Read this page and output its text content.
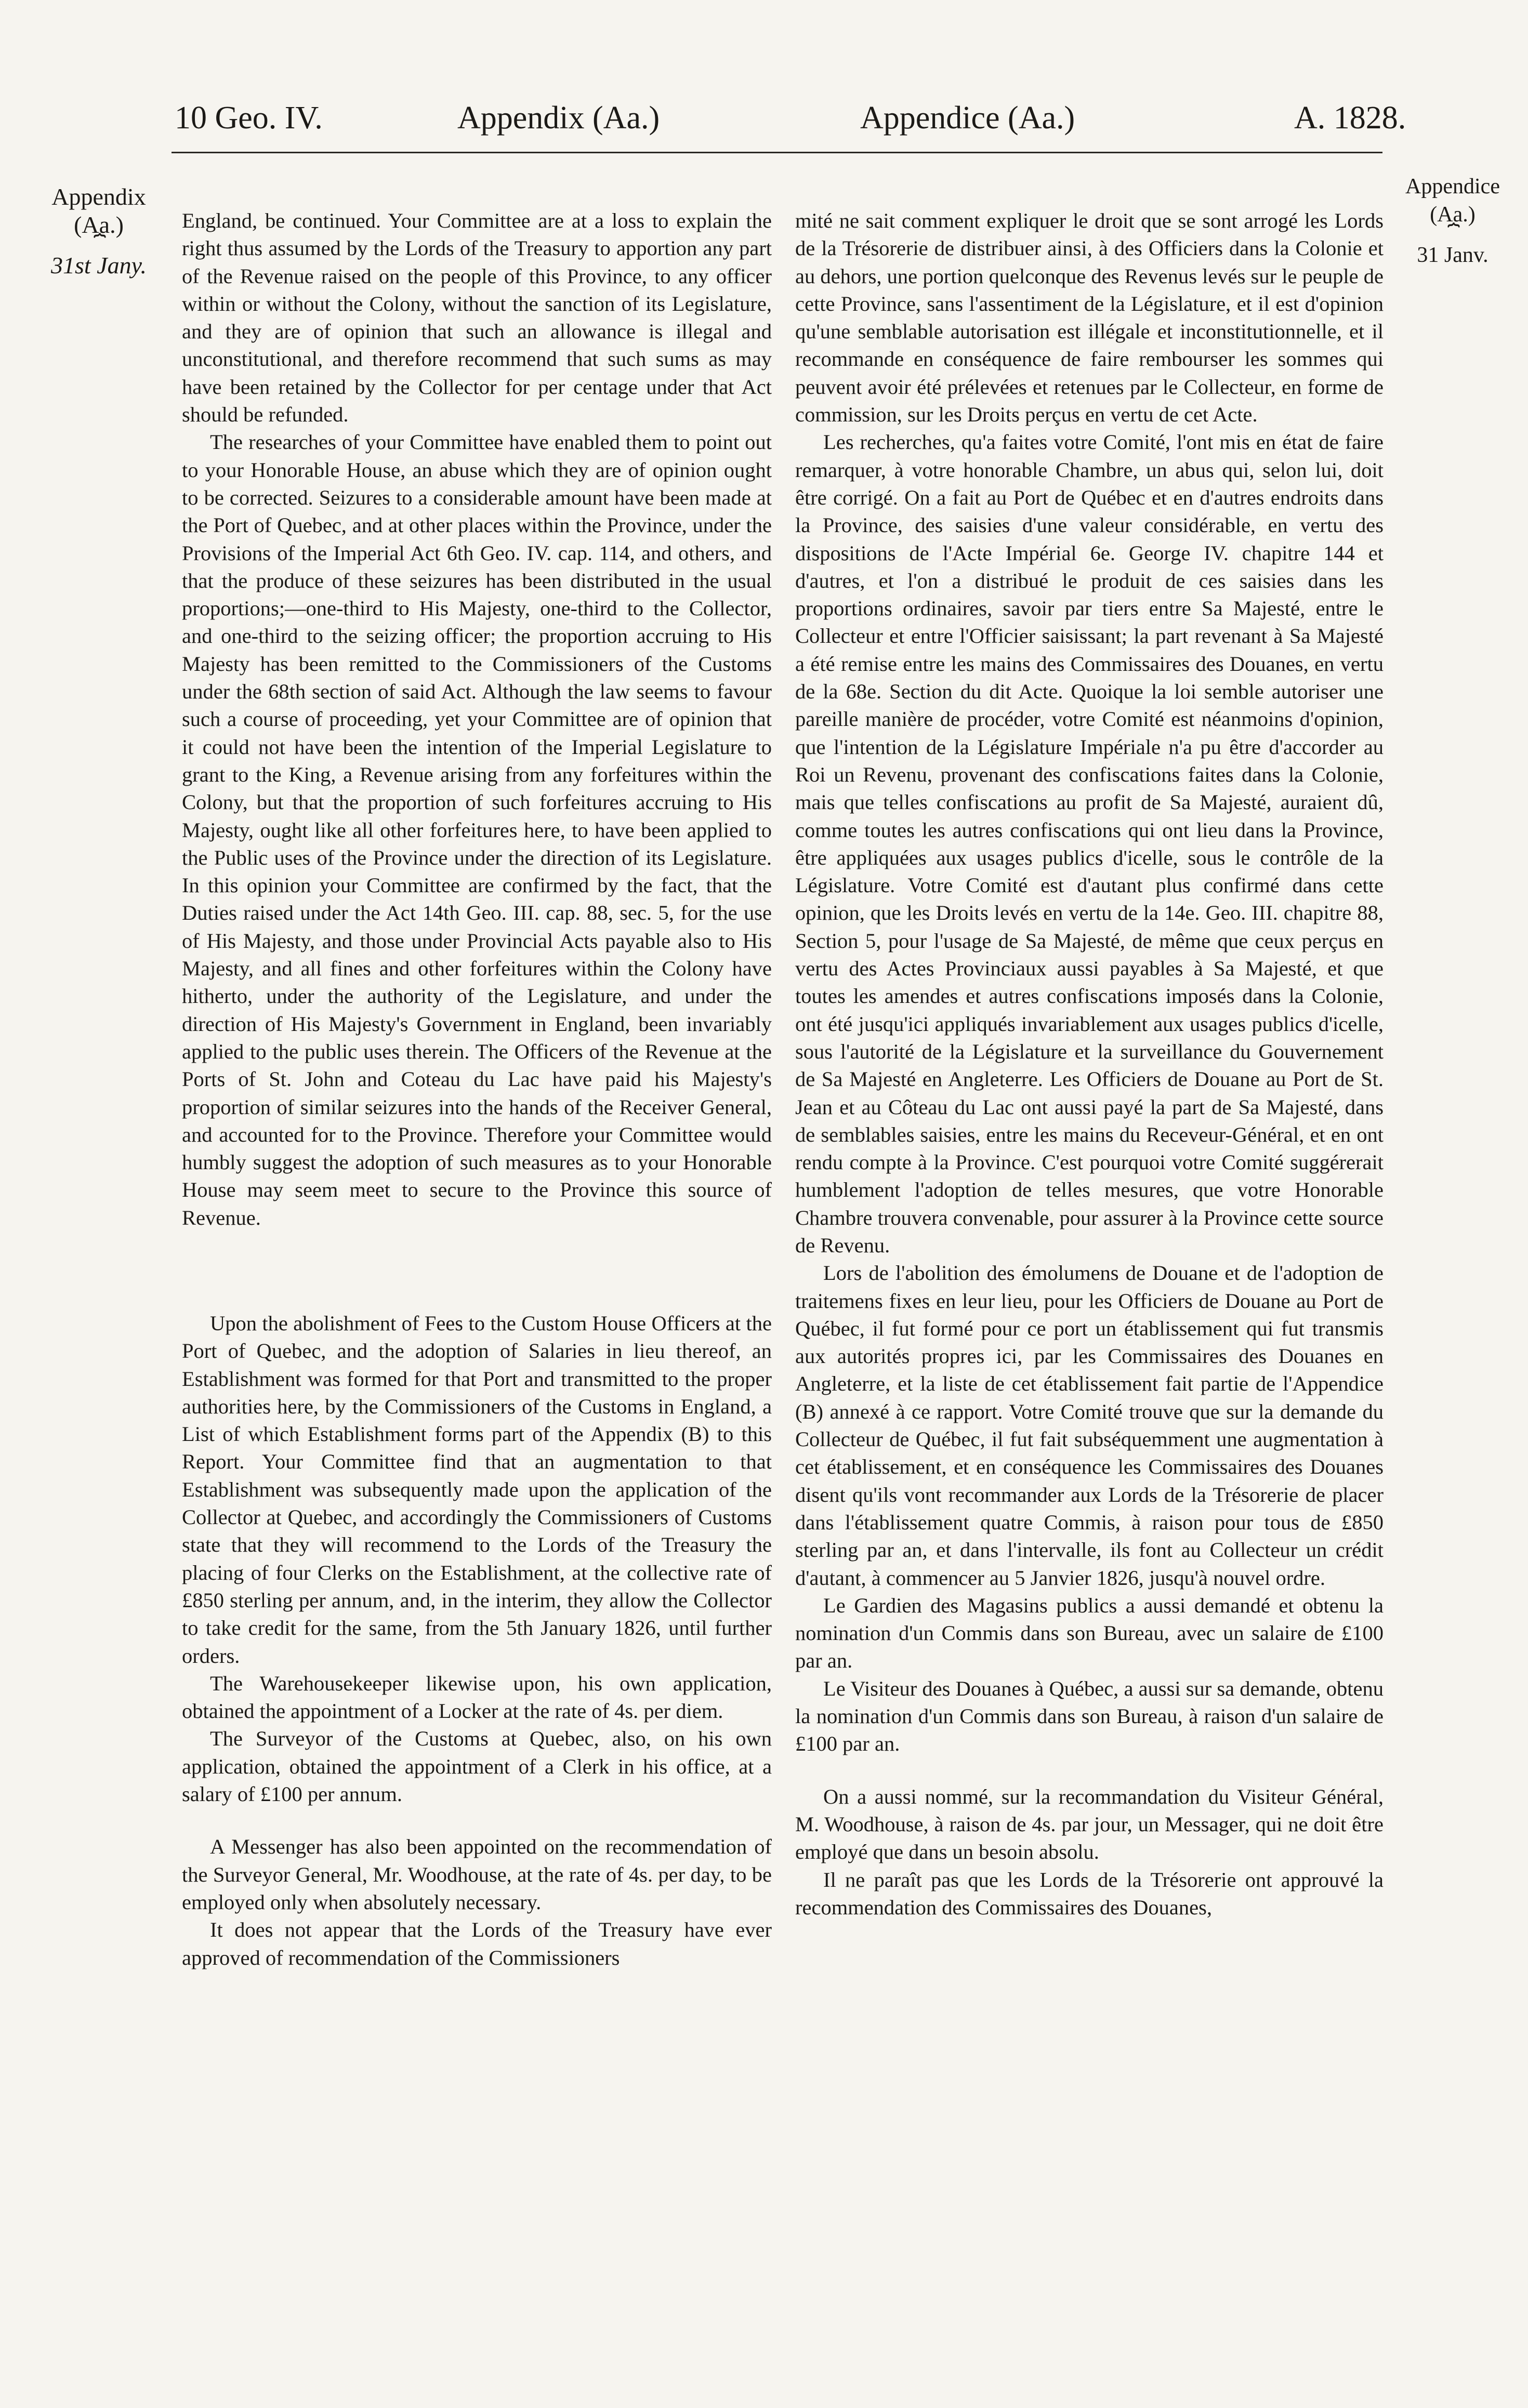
10 Geo. IV.	Appendix (Aa.)	Appendice (Aa.)	A. 1828.
Appendix
(Aa.)
⏞
31st Jany.
Appendice
(Aa.)
⏞
31 Janv.

England, be continued. Your Committee are at a loss to explain the right thus assumed by the Lords of the Treasury to apportion any part of the Revenue raised on the people of this Province, to any officer within or without the Colony, without the sanction of its Legislature, and they are of opinion that such an allowance is illegal and unconstitutional, and therefore recommend that such sums as may have been retained by the Collector for per centage under that Act should be refunded.

The researches of your Committee have enabled them to point out to your Honorable House, an abuse which they are of opinion ought to be corrected. Seizures to a considerable amount have been made at the Port of Quebec, and at other places within the Province, under the Provisions of the Imperial Act 6th Geo. IV. cap. 114, and others, and that the produce of these seizures has been distributed in the usual proportions;—one-third to His Majesty, one-third to the Collector, and one-third to the seizing officer; the proportion accruing to His Majesty has been remitted to the Commissioners of the Customs under the 68th section of said Act. Although the law seems to favour such a course of proceeding, yet your Committee are of opinion that it could not have been the intention of the Imperial Legislature to grant to the King, a Revenue arising from any forfeitures within the Colony, but that the proportion of such forfeitures accruing to His Majesty, ought like all other forfeitures here, to have been applied to the Public uses of the Province under the direction of its Legislature. In this opinion your Committee are confirmed by the fact, that the Duties raised under the Act 14th Geo. III. cap. 88, sec. 5, for the use of His Majesty, and those under Provincial Acts payable also to His Majesty, and all fines and other forfeitures within the Colony have hitherto, under the authority of the Legislature, and under the direction of His Majesty's Government in England, been invariably applied to the public uses therein. The Officers of the Revenue at the Ports of St. John and Coteau du Lac have paid his Majesty's proportion of similar seizures into the hands of the Receiver General, and accounted for to the Province. Therefore your Committee would humbly suggest the adoption of such measures as to your Honorable House may seem meet to secure to the Province this source of Revenue.

Upon the abolishment of Fees to the Custom House Officers at the Port of Quebec, and the adoption of Salaries in lieu thereof, an Establishment was formed for that Port and transmitted to the proper authorities here, by the Commissioners of the Customs in England, a List of which Establishment forms part of the Appendix (B) to this Report. Your Committee find that an augmentation to that Establishment was subsequently made upon the application of the Collector at Quebec, and accordingly the Commissioners of Customs state that they will recommend to the Lords of the Treasury the placing of four Clerks on the Establishment, at the collective rate of £850 sterling per annum, and, in the interim, they allow the Collector to take credit for the same, from the 5th January 1826, until further orders.

The Warehousekeeper likewise upon, his own application, obtained the appointment of a Locker at the rate of 4s. per diem.

The Surveyor of the Customs at Quebec, also, on his own application, obtained the appointment of a Clerk in his office, at a salary of £100 per annum.

A Messenger has also been appointed on the recommendation of the Surveyor General, Mr. Woodhouse, at the rate of 4s. per day, to be employed only when absolutely necessary.

It does not appear that the Lords of the Treasury have ever approved of recommendation of the Commissioners

mité ne sait comment expliquer le droit que se sont arrogé les Lords de la Trésorerie de distribuer ainsi, à des Officiers dans la Colonie et au dehors, une portion quelconque des Revenus levés sur le peuple de cette Province, sans l'assentiment de la Législature, et il est d'opinion qu'une semblable autorisation est illégale et inconstitutionnelle, et il recommande en conséquence de faire rembourser les sommes qui peuvent avoir été prélevées et retenues par le Collecteur, en forme de commission, sur les Droits perçus en vertu de cet Acte.

Les recherches, qu'a faites votre Comité, l'ont mis en état de faire remarquer, à votre honorable Chambre, un abus qui, selon lui, doit être corrigé. On a fait au Port de Québec et en d'autres endroits dans la Province, des saisies d'une valeur considérable, en vertu des dispositions de l'Acte Impérial 6e. George IV. chapitre 144 et d'autres, et l'on a distribué le produit de ces saisies dans les proportions ordinaires, savoir par tiers entre Sa Majesté, entre le Collecteur et entre l'Officier saisissant; la part revenant à Sa Majesté a été remise entre les mains des Commissaires des Douanes, en vertu de la 68e. Section du dit Acte. Quoique la loi semble autoriser une pareille manière de procéder, votre Comité est néanmoins d'opinion, que l'intention de la Législature Impériale n'a pu être d'accorder au Roi un Revenu, provenant des confiscations faites dans la Colonie, mais que telles confiscations au profit de Sa Majesté, auraient dû, comme toutes les autres confiscations qui ont lieu dans la Province, être appliquées aux usages publics d'icelle, sous le contrôle de la Législature. Votre Comité est d'autant plus confirmé dans cette opinion, que les Droits levés en vertu de la 14e. Geo. III. chapitre 88, Section 5, pour l'usage de Sa Majesté, de même que ceux perçus en vertu des Actes Provinciaux aussi payables à Sa Majesté, et que toutes les amendes et autres confiscations imposés dans la Colonie, ont été jusqu'ici appliqués invariablement aux usages publics d'icelle, sous l'autorité de la Législature et la surveillance du Gouvernement de Sa Majesté en Angleterre. Les Officiers de Douane au Port de St. Jean et au Côteau du Lac ont aussi payé la part de Sa Majesté, dans de semblables saisies, entre les mains du Receveur-Général, et en ont rendu compte à la Province. C'est pourquoi votre Comité suggérerait humblement l'adoption de telles mesures, que votre Honorable Chambre trouvera convenable, pour assurer à la Province cette source de Revenu.

Lors de l'abolition des émolumens de Douane et de l'adoption de traitemens fixes en leur lieu, pour les Officiers de Douane au Port de Québec, il fut formé pour ce port un établissement qui fut transmis aux autorités propres ici, par les Commissaires des Douanes en Angleterre, et la liste de cet établissement fait partie de l'Appendice (B) annexé à ce rapport. Votre Comité trouve que sur la demande du Collecteur de Québec, il fut fait subséquemment une augmentation à cet établissement, et en conséquence les Commissaires des Douanes disent qu'ils vont recommander aux Lords de la Trésorerie de placer dans l'établissement quatre Commis, à raison pour tous de £850 sterling par an, et dans l'intervalle, ils font au Collecteur un crédit d'autant, à commencer au 5 Janvier 1826, jusqu'à nouvel ordre.

Le Gardien des Magasins publics a aussi demandé et obtenu la nomination d'un Commis dans son Bureau, avec un salaire de £100 par an.

Le Visiteur des Douanes à Québec, a aussi sur sa demande, obtenu la nomination d'un Commis dans son Bureau, à raison d'un salaire de £100 par an.

On a aussi nommé, sur la recommandation du Visiteur Général, M. Woodhouse, à raison de 4s. par jour, un Messager, qui ne doit être employé que dans un besoin absolu.

Il ne paraît pas que les Lords de la Trésorerie ont approuvé la recommendation des Commissaires des Douanes,
